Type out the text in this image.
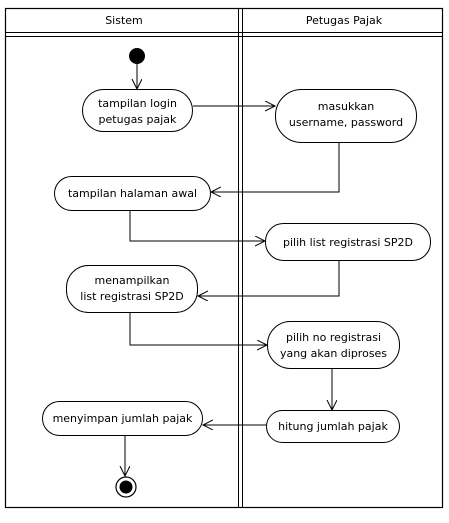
Sistem	Petugas Pajak
tampilan login
petugas pajak
masukkan
username, password
tampilan halaman awal
pilih list registrasi SP2D
menampilkan
list registrasi SP2D
pilih no registrasi
yang akan diproses
hitung jumlah pajak
menyimpan jumlah pajak
